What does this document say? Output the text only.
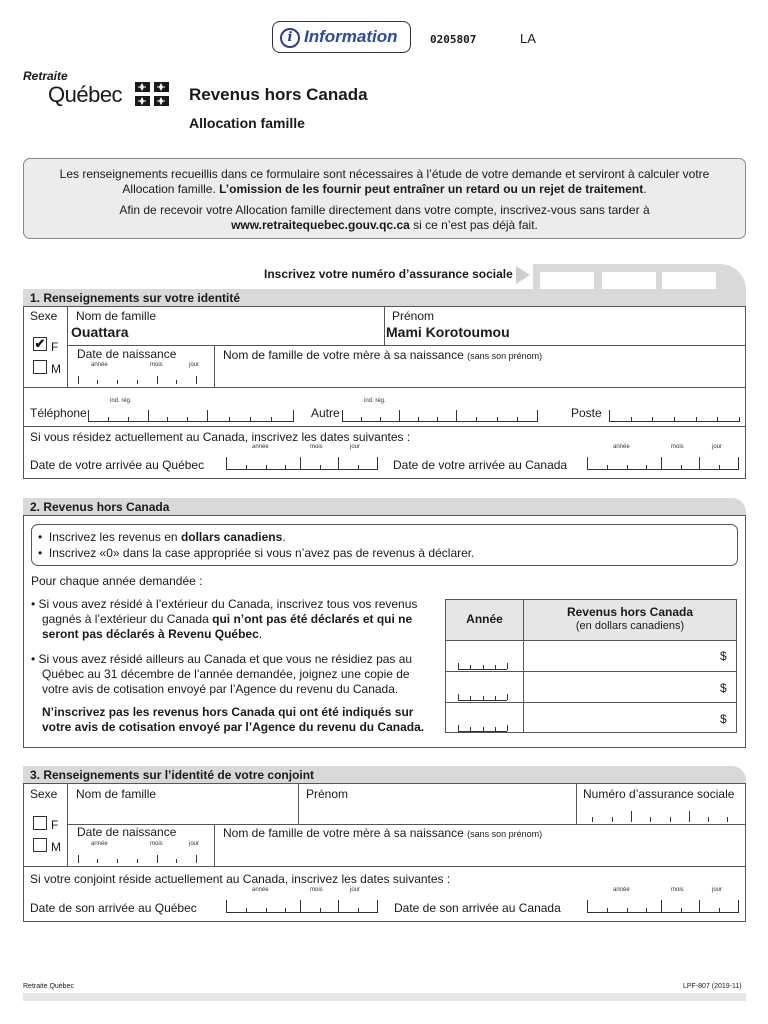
i Information	0205807	LA
Retraite
Québec	Revenus hors Canada
Allocation famille
Les renseignements recueillis dans ce formulaire sont nécessaires à l’étude de votre demande et serviront à calculer votre
Allocation famille. L’omission de les fournir peut entraîner un retard ou un rejet de traitement.
Afin de recevoir votre Allocation famille directement dans votre compte, inscrivez-vous sans tarder à
www.retraitequebec.gouv.qc.ca si ce n’est pas déjà fait.
Inscrivez votre numéro d’assurance sociale
1. Renseignements sur votre identité
Sexe Nom de famille
Ouattara
Prénom
Mami Korotoumou
✔ F
M
Date de naissance
année	mois	jour
Nom de famille de votre mère à sa naissance (sans son prénom)
Téléphone
ind. rég.
Autre
ind. rég.
Poste
Si vous résidez actuellement au Canada, inscrivez les dates suivantes :
Date de votre arrivée au Québec
année	mois	jour
Date de votre arrivée au Canada
année	mois	jour
2. Revenus hors Canada
•  Inscrivez les revenus en dollars canadiens.
•  Inscrivez «0» dans la case appropriée si vous n’avez pas de revenus à déclarer.
Pour chaque année demandée :
• Si vous avez résidé à l’extérieur du Canada, inscrivez tous vos revenus
gagnés à l’extérieur du Canada qui n’ont pas été déclarés et qui ne
seront pas déclarés à Revenu Québec.
• Si vous avez résidé ailleurs au Canada et que vous ne résidiez pas au
Québec au 31 décembre de l’année demandée, joignez une copie de
votre avis de cotisation envoyé par l’Agence du revenu du Canada.
N’inscrivez pas les revenus hors Canada qui ont été indiqués sur
votre avis de cotisation envoyé par l’Agence du revenu du Canada.
Année	Revenus hors Canada
(en dollars canadiens)
$
$
$
3. Renseignements sur l’identité de votre conjoint
Sexe Nom de famille	Prénom	Numéro d’assurance sociale
F
M
Date de naissance
année	mois	jour
Nom de famille de votre mère à sa naissance (sans son prénom)
Si votre conjoint réside actuellement au Canada, inscrivez les dates suivantes :
Date de son arrivée au Québec
année	mois	jour
Date de son arrivée au Canada
année	mois	jour
Retraite Québec	LPF-807 (2019-11)
